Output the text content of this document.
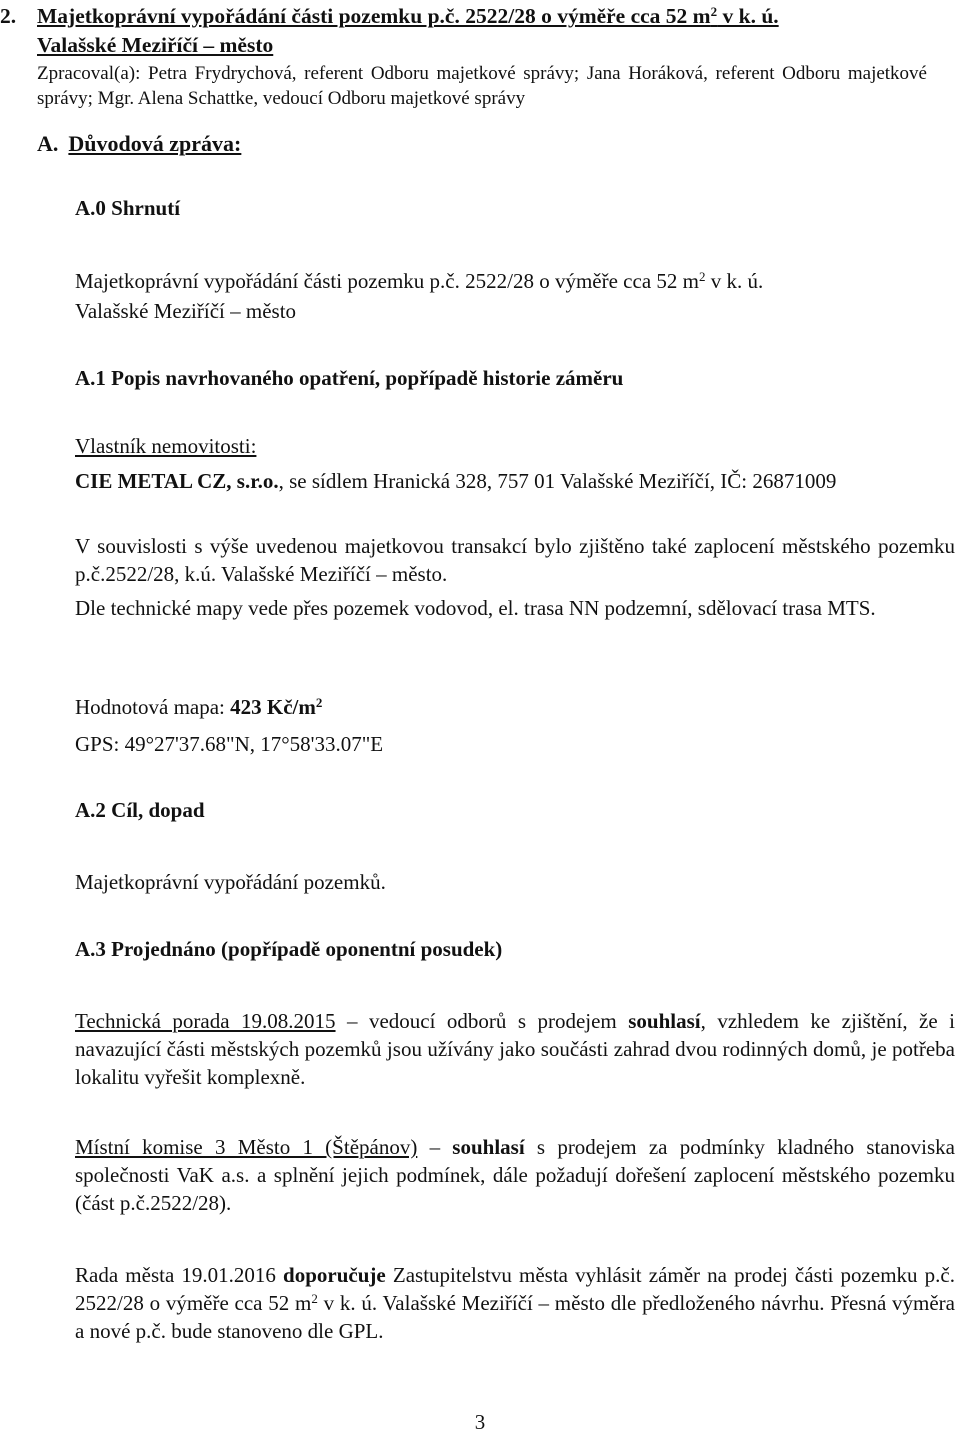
2. Majetkoprávní vypořádání části pozemku p.č. 2522/28 o výměře cca 52 $m^2$ v k. ú.
Valašské Meziříčí – město

Zpracoval(a): Petra Frydrychová, referent Odboru majetkové správy; Jana Horáková, referent Odboru majetkové správy; Mgr. Alena Schattke, vedoucí Odboru majetkové správy

A. Důvodová zpráva:
A.0 Shrnutí
Majetkoprávní vypořádání části pozemku p.č. 2522/28 o výměře cca 52 $m^2$ v k. ú.
Valašské Meziříčí – město
A.1 Popis navrhovaného opatření, popřípadě historie záměru
Vlastník nemovitosti:
CIE METAL CZ, s.r.o., se sídlem Hranická 328, 757 01 Valašské Meziříčí, IČ: 26871009
V souvislosti s výše uvedenou majetkovou transakcí bylo zjištěno také zaplocení městského pozemku p.č.2522/28, k.ú. Valašské Meziříčí – město.
Dle technické mapy vede přes pozemek vodovod, el. trasa NN podzemní, sdělovací trasa MTS.
Hodnotová mapa: 423 $Kč/m^2$
GPS: 49°27'37.68"N, 17°58'33.07"E
A.2 Cíl, dopad
Majetkoprávní vypořádání pozemků.
A.3 Projednáno (popřípadě oponentní posudek)
Technická porada 19.08.2015 – vedoucí odborů s prodejem souhlasí, vzhledem ke zjištění, že i navazující části městských pozemků jsou užívány jako součásti zahrad dvou rodinných domů, je potřeba lokalitu vyřešit komplexně.
Místní komise 3 Město 1 (Štěpánov) – souhlasí s prodejem za podmínky kladného stanoviska společnosti VaK a.s. a splnění jejich podmínek, dále požadují dořešení zaplocení městského pozemku (část p.č.2522/28).
Rada města 19.01.2016 doporučuje Zastupitelstvu města vyhlásit záměr na prodej části pozemku p.č. 2522/28 o výměře cca 52 $m^2$ v k. ú. Valašské Meziříčí – město dle předloženého návrhu. Přesná výměra a nové p.č. bude stanoveno dle GPL.
3
